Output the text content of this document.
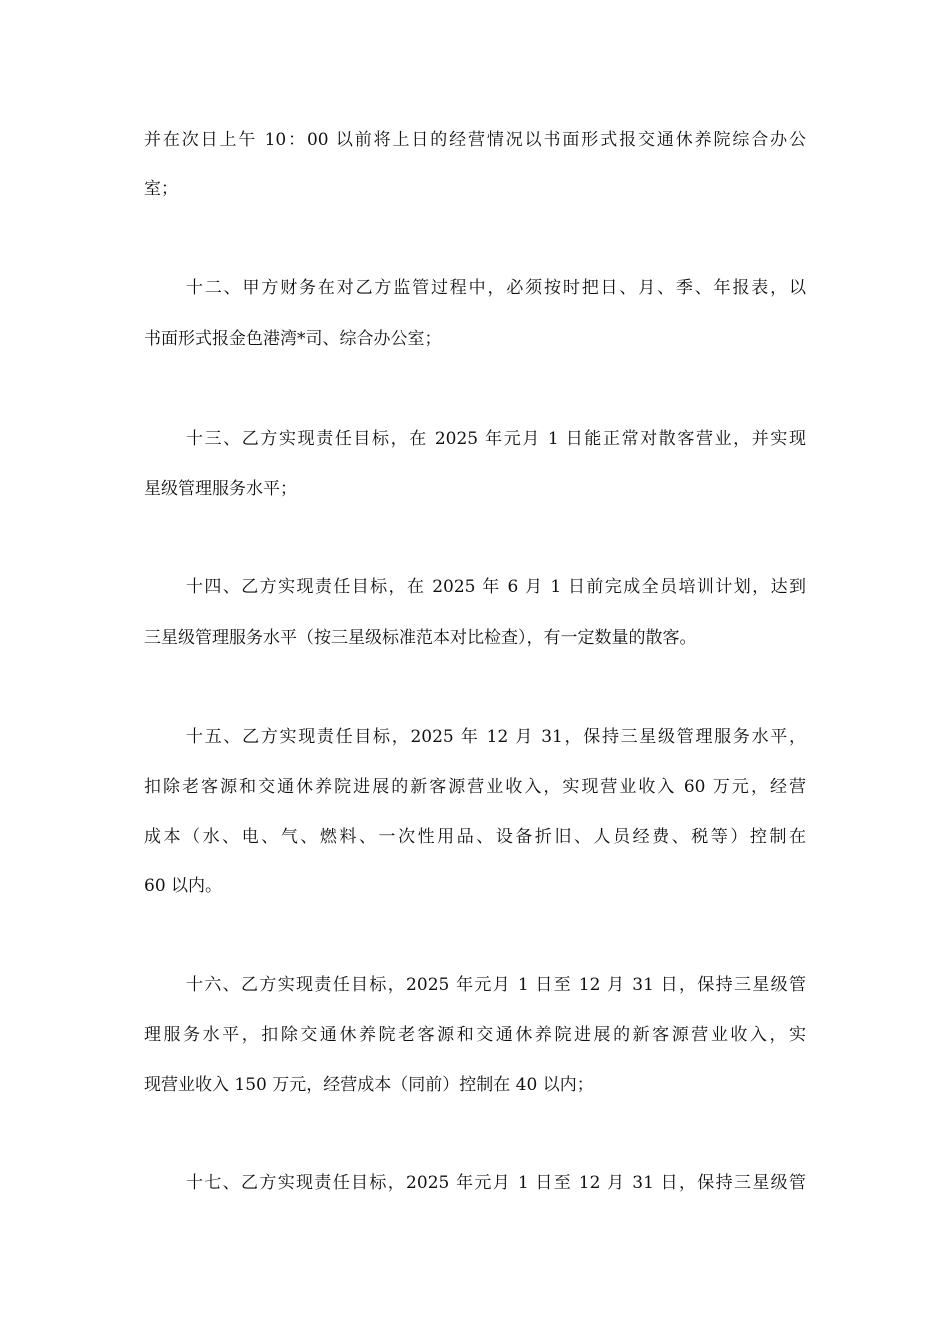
并在次日上午 10：00 以前将上日的经营情况以书面形式报交通休养院综合办公

室；

十二、甲方财务在对乙方监管过程中，必须按时把日、月、季、年报表，以

书面形式报金色港湾*司、综合办公室；

十三、乙方实现责任目标，在 2025 年元月 1 日能正常对散客营业，并实现

星级管理服务水平；

十四、乙方实现责任目标，在 2025 年 6 月 1 日前完成全员培训计划，达到

三星级管理服务水平（按三星级标准范本对比检查），有一定数量的散客。

十五、乙方实现责任目标，2025 年 12 月 31，保持三星级管理服务水平，

扣除老客源和交通休养院进展的新客源营业收入，实现营业收入 60 万元，经营

成本（水、电、气、燃料、一次性用品、设备折旧、人员经费、税等）控制在

60 以内。

十六、乙方实现责任目标，2025 年元月 1 日至 12 月 31 日，保持三星级管

理服务水平，扣除交通休养院老客源和交通休养院进展的新客源营业收入，实

现营业收入 150 万元，经营成本（同前）控制在 40 以内；

十七、乙方实现责任目标，2025 年元月 1 日至 12 月 31 日，保持三星级管
